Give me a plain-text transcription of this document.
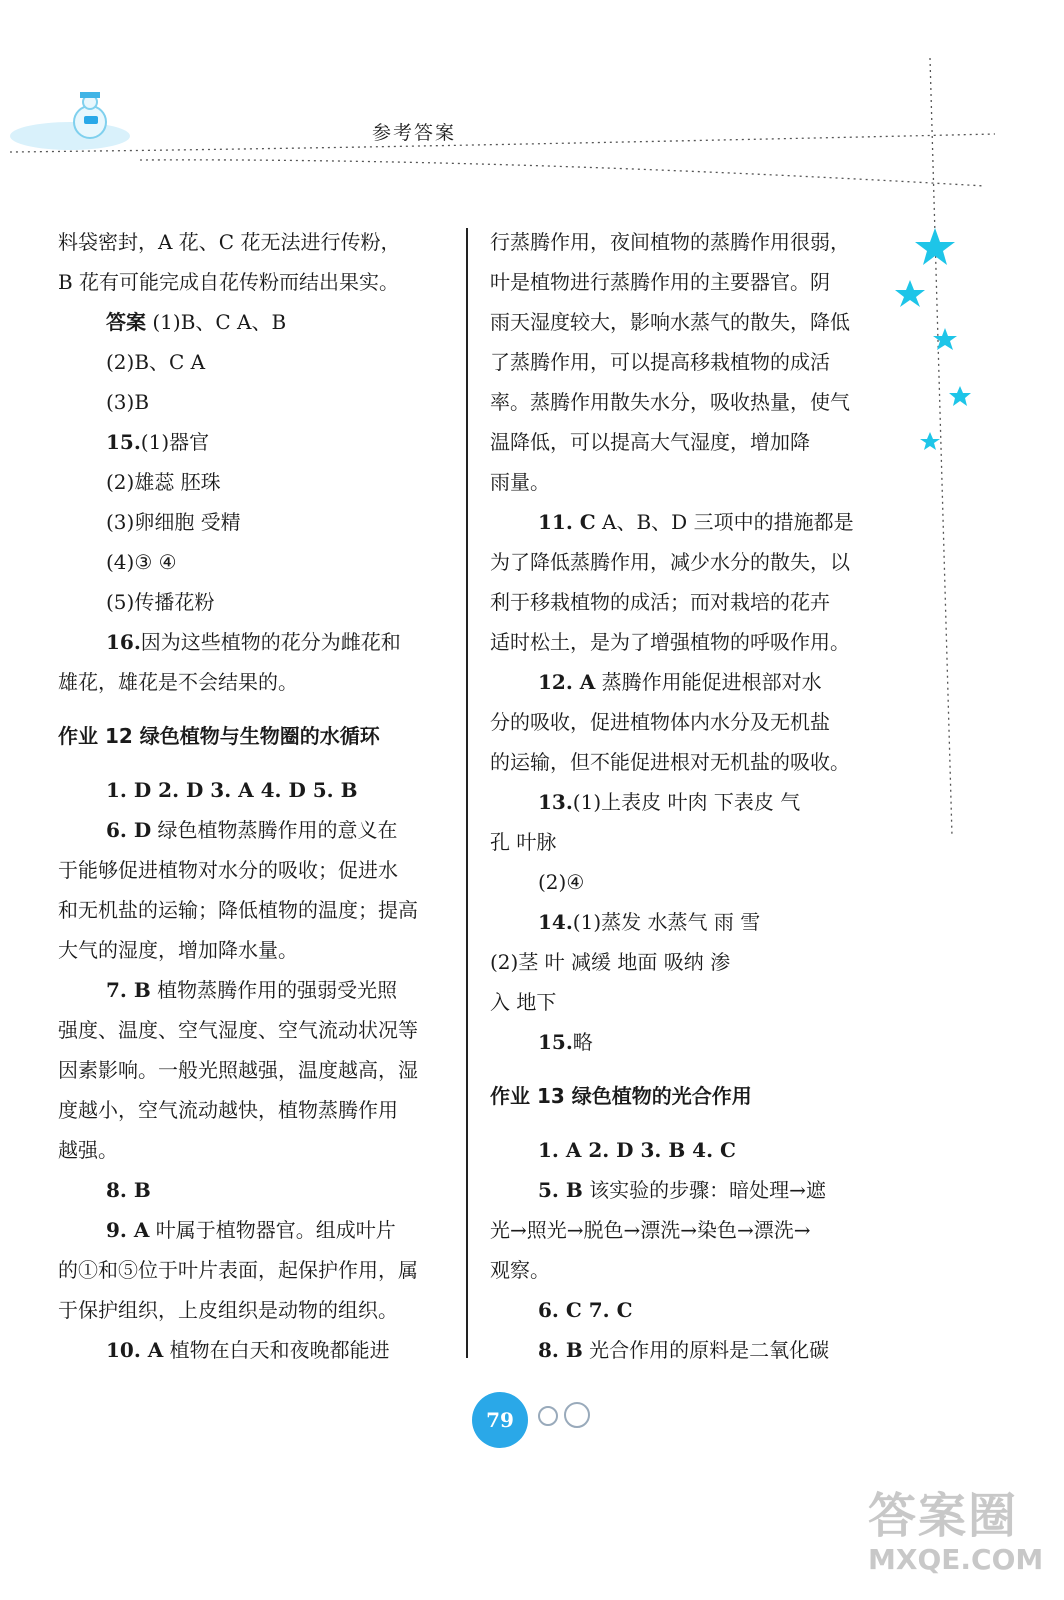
参考答案

料袋密封，A 花、C 花无法进行传粉，

B 花有可能完成自花传粉而结出果实。

答案 (1)B、C A、B

(2)B、C A

(3)B

15.(1)器官

(2)雄蕊 胚珠

(3)卵细胞 受精

(4)③ ④

(5)传播花粉

16.因为这些植物的花分为雌花和

雄花，雄花是不会结果的。

作业 12 绿色植物与生物圈的水循环

1. D 2. D 3. A 4. D 5. B

6. D 绿色植物蒸腾作用的意义在

于能够促进植物对水分的吸收；促进水

和无机盐的运输；降低植物的温度；提高

大气的湿度，增加降水量。

7. B 植物蒸腾作用的强弱受光照

强度、温度、空气湿度、空气流动状况等

因素影响。一般光照越强，温度越高，湿

度越小，空气流动越快，植物蒸腾作用

越强。

8. B

9. A 叶属于植物器官。组成叶片

的①和⑤位于叶片表面，起保护作用，属

于保护组织，上皮组织是动物的组织。

10. A 植物在白天和夜晚都能进

行蒸腾作用，夜间植物的蒸腾作用很弱，

叶是植物进行蒸腾作用的主要器官。阴

雨天湿度较大，影响水蒸气的散失，降低

了蒸腾作用，可以提高移栽植物的成活

率。蒸腾作用散失水分，吸收热量，使气

温降低，可以提高大气湿度，增加降

雨量。

11. C A、B、D 三项中的措施都是

为了降低蒸腾作用，减少水分的散失，以

利于移栽植物的成活；而对栽培的花卉

适时松土，是为了增强植物的呼吸作用。

12. A 蒸腾作用能促进根部对水

分的吸收，促进植物体内水分及无机盐

的运输，但不能促进根对无机盐的吸收。

13.(1)上表皮 叶肉 下表皮 气

孔 叶脉

(2)④

14.(1)蒸发 水蒸气 雨 雪

(2)茎 叶 减缓 地面 吸纳 渗

入 地下

15.略

作业 13 绿色植物的光合作用

1. A 2. D 3. B 4. C

5. B 该实验的步骤：暗处理→遮

光→照光→脱色→漂洗→染色→漂洗→

观察。

6. C 7. C

8. B 光合作用的原料是二氧化碳

79
答案圈
MXQE.COM
